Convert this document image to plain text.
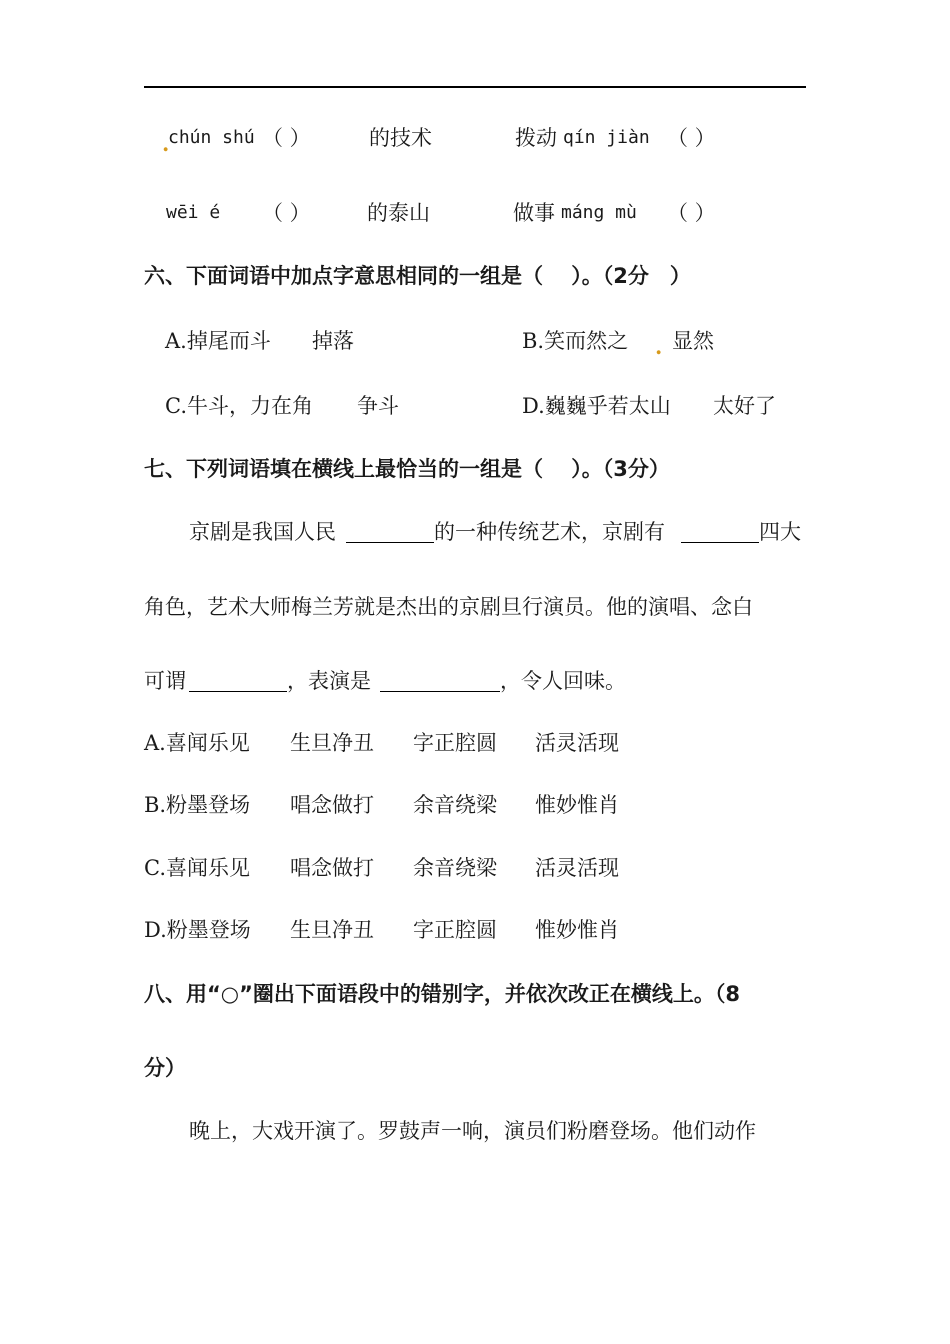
.
chún shú （ ）	的技术	拨动 qín jiàn （ ）
wēi é （ ）	的泰山	做事 máng mù （ ）
六、下面词语中加点字意思相同的一组是（　 ）。（2分　）
A.掉尾而斗 掉落	B.笑而然之 . 显然
C.牛斗，力在角 争斗	D.巍巍乎若太山 太好了
七、下列词语填在横线上最恰当的一组是（　 ）。（3分）
京剧是我国人民	的一种传统艺术，京剧有	四大
角色，艺术大师梅兰芳就是杰出的京剧旦行演员。他的演唱、念白
可谓	，表演是	，令人回味。
A.喜闻乐见 生旦净丑 字正腔圆 活灵活现
B.粉墨登场 唱念做打 余音绕梁 惟妙惟肖
C.喜闻乐见 唱念做打 余音绕梁 活灵活现
D.粉墨登场 生旦净丑 字正腔圆 惟妙惟肖
八、用“○”圈出下面语段中的错别字，并依次改正在横线上。（8
分）
晚上，大戏开演了。罗鼓声一响，演员们粉磨登场。他们动作
